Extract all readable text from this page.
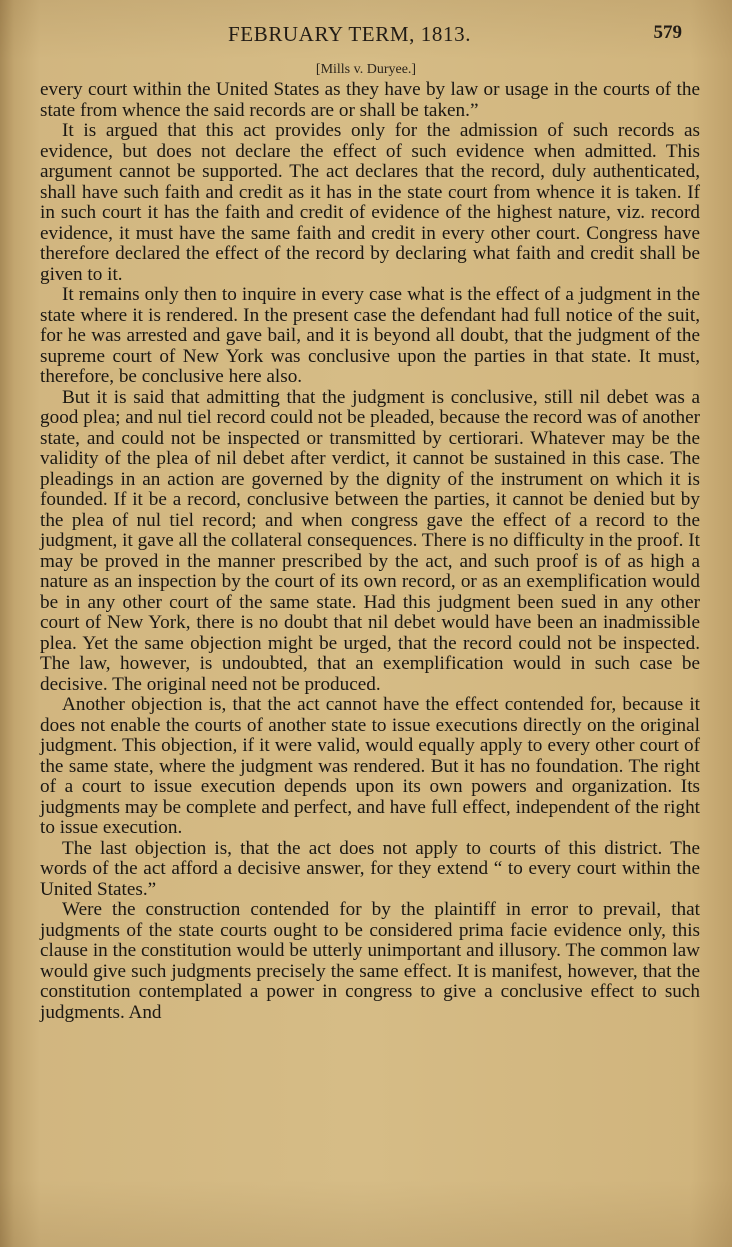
FEBRUARY TERM, 1813.	579
[Mills v. Duryee.]

every court within the United States as they have by law or usage in the courts of the state from whence the said records are or shall be taken.”

It is argued that this act provides only for the admission of such records as evidence, but does not declare the effect of such evidence when admitted. This argument cannot be supported. The act declares that the record, duly authenticated, shall have such faith and credit as it has in the state court from whence it is taken. If in such court it has the faith and credit of evidence of the highest nature, viz. record evidence, it must have the same faith and credit in every other court. Congress have therefore declared the effect of the record by declaring what faith and credit shall be given to it.

It remains only then to inquire in every case what is the effect of a judgment in the state where it is rendered. In the present case the defendant had full notice of the suit, for he was arrested and gave bail, and it is beyond all doubt, that the judgment of the supreme court of New York was conclusive upon the parties in that state. It must, therefore, be conclusive here also.

But it is said that admitting that the judgment is conclusive, still nil debet was a good plea; and nul tiel record could not be pleaded, because the record was of another state, and could not be inspected or transmitted by certiorari. Whatever may be the validity of the plea of nil debet after verdict, it cannot be sustained in this case. The pleadings in an action are governed by the dignity of the instrument on which it is founded. If it be a record, conclusive between the parties, it cannot be denied but by the plea of nul tiel record; and when congress gave the effect of a record to the judgment, it gave all the collateral consequences. There is no difficulty in the proof. It may be proved in the manner prescribed by the act, and such proof is of as high a nature as an inspection by the court of its own record, or as an exemplification would be in any other court of the same state. Had this judgment been sued in any other court of New York, there is no doubt that nil debet would have been an inadmissible plea. Yet the same objection might be urged, that the record could not be inspected. The law, however, is undoubted, that an exemplification would in such case be decisive. The original need not be produced.

Another objection is, that the act cannot have the effect contended for, because it does not enable the courts of another state to issue executions directly on the original judgment. This objection, if it were valid, would equally apply to every other court of the same state, where the judgment was rendered. But it has no foundation. The right of a court to issue execution depends upon its own powers and organization. Its judgments may be complete and perfect, and have full effect, independent of the right to issue execution.

The last objection is, that the act does not apply to courts of this district. The words of the act afford a decisive answer, for they extend “ to every court within the United States.”

Were the construction contended for by the plaintiff in error to prevail, that judgments of the state courts ought to be considered prima facie evidence only, this clause in the constitution would be utterly unimportant and illusory. The common law would give such judgments precisely the same effect. It is manifest, however, that the constitution contemplated a power in congress to give a conclusive effect to such judgments. And
